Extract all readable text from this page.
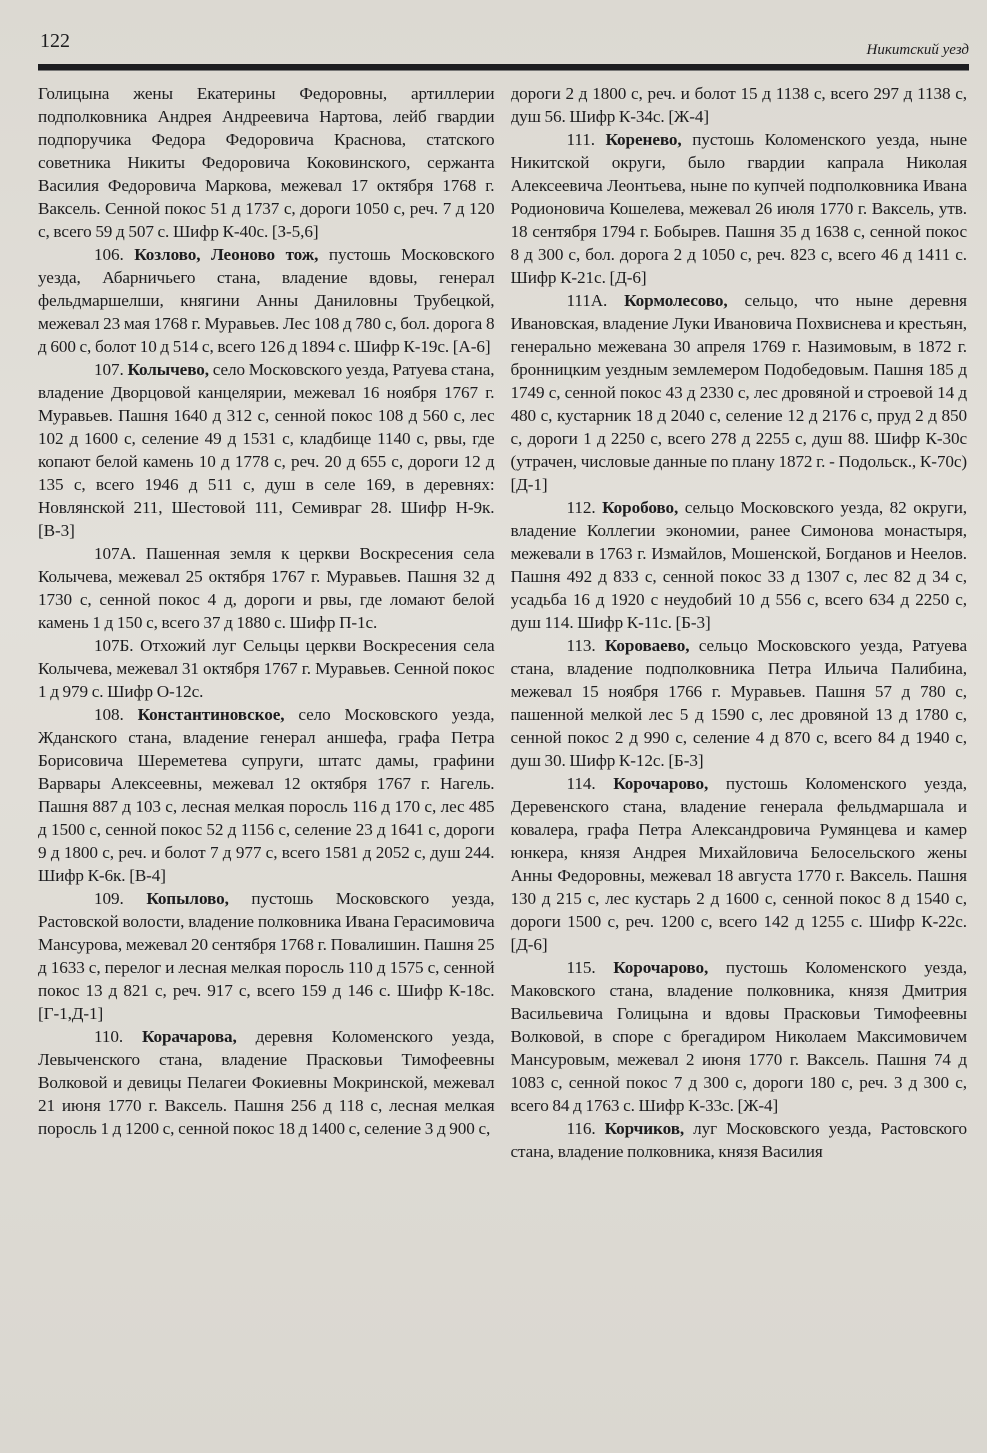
122	Никитский уезд

Голицына жены Екатерины Федоровны, артиллерии подполковника Андрея Андреевича Нартова, лейб гвардии подпоручика Федора Федоровича Краснова, статского советника Никиты Федоровича Коковинского, сержанта Василия Федоровича Маркова, межевал 17 октября 1768 г. Ваксель. Сенной покос 51 д 1737 с, дороги 1050 с, реч. 7 д 120 с, всего 59 д 507 с. Шифр К-40с. [З-5,6]

106. Козлово, Леоново тож, пустошь Московского уезда, Абарничьего стана, владение вдовы, генерал фельдмаршелши, княгини Анны Даниловны Трубецкой, межевал 23 мая 1768 г. Муравьев. Лес 108 д 780 с, бол. дорога 8 д 600 с, болот 10 д 514 с, всего 126 д 1894 с. Шифр К-19с. [А-6]

107. Колычево, село Московского уезда, Ратуева стана, владение Дворцовой канцелярии, межевал 16 ноября 1767 г. Муравьев. Пашня 1640 д 312 с, сенной покос 108 д 560 с, лес 102 д 1600 с, селение 49 д 1531 с, кладбище 1140 с, рвы, где копают белой камень 10 д 1778 с, реч. 20 д 655 с, дороги 12 д 135 с, всего 1946 д 511 с, душ в селе 169, в деревнях: Новлянской 211, Шестовой 111, Семивраг 28. Шифр Н-9к. [В-3]

107А. Пашенная земля к церкви Воскресения села Колычева, межевал 25 октября 1767 г. Муравьев. Пашня 32 д 1730 с, сенной покос 4 д, дороги и рвы, где ломают белой камень 1 д 150 с, всего 37 д 1880 с. Шифр П-1с.

107Б. Отхожий луг Сельцы церкви Воскресения села Колычева, межевал 31 октября 1767 г. Муравьев. Сенной покос 1 д 979 с. Шифр О-12с.

108. Константиновское, село Московского уезда, Жданского стана, владение генерал аншефа, графа Петра Борисовича Шереметева супруги, штатс дамы, графини Варвары Алексеевны, межевал 12 октября 1767 г. Нагель. Пашня 887 д 103 с, лесная мелкая поросль 116 д 170 с, лес 485 д 1500 с, сенной покос 52 д 1156 с, селение 23 д 1641 с, дороги 9 д 1800 с, реч. и болот 7 д 977 с, всего 1581 д 2052 с, душ 244. Шифр К-6к. [В-4]

109. Копылово, пустошь Московского уезда, Растовской волости, владение полковника Ивана Герасимовича Мансурова, межевал 20 сентября 1768 г. Повалишин. Пашня 25 д 1633 с, перелог и лесная мелкая поросль 110 д 1575 с, сенной покос 13 д 821 с, реч. 917 с, всего 159 д 146 с. Шифр К-18с.[Г-1,Д-1]

110. Корачарова, деревня Коломенского уезда, Левыченского стана, владение Прасковьи Тимофеевны Волковой и девицы Пелагеи Фокиевны Мокринской, межевал 21 июня 1770 г. Ваксель. Пашня 256 д 118 с, лесная мелкая поросль 1 д 1200 с, сенной покос 18 д 1400 с, селение 3 д 900 с,

дороги 2 д 1800 с, реч. и болот 15 д 1138 с, всего 297 д 1138 с, душ 56. Шифр К-34с. [Ж-4]

111. Коренево, пустошь Коломенского уезда, ныне Никитской округи, было гвардии капрала Николая Алексеевича Леонтьева, ныне по купчей подполковника Ивана Родионовича Кошелева, межевал 26 июля 1770 г. Ваксель, утв. 18 сентября 1794 г. Бобырев. Пашня 35 д 1638 с, сенной покос 8 д 300 с, бол. дорога 2 д 1050 с, реч. 823 с, всего 46 д 1411 с. Шифр К-21с. [Д-6]

111А. Кормолесово, сельцо, что ныне деревня Ивановская, владение Луки Ивановича Похвиснева и крестьян, генерально межевана 30 апреля 1769 г. Назимовым, в 1872 г. бронницким уездным землемером Подобедовым. Пашня 185 д 1749 с, сенной покос 43 д 2330 с, лес дровяной и строевой 14 д 480 с, кустарник 18 д 2040 с, селение 12 д 2176 с, пруд 2 д 850 с, дороги 1 д 2250 с, всего 278 д 2255 с, душ 88. Шифр К-30с (утрачен, числовые данные по плану 1872 г. - Подольск., К-70с) [Д-1]

112. Коробово, сельцо Московского уезда, 82 округи, владение Коллегии экономии, ранее Симонова монастыря, межевали в 1763 г. Измайлов, Мошенской, Богданов и Неелов. Пашня 492 д 833 с, сенной покос 33 д 1307 с, лес 82 д 34 с, усадьба 16 д 1920 с неудобий 10 д 556 с, всего 634 д 2250 с, душ 114. Шифр К-11с. [Б-3]

113. Короваево, сельцо Московского уезда, Ратуева стана, владение подполковника Петра Ильича Палибина, межевал 15 ноября 1766 г. Муравьев. Пашня 57 д 780 с, пашенной мелкой лес 5 д 1590 с, лес дровяной 13 д 1780 с, сенной покос 2 д 990 с, селение 4 д 870 с, всего 84 д 1940 с, душ 30. Шифр К-12с. [Б-3]

114. Корочарово, пустошь Коломенского уезда, Деревенского стана, владение генерала фельдмаршала и ковалера, графа Петра Александровича Румянцева и камер юнкера, князя Андрея Михайловича Белосельского жены Анны Федоровны, межевал 18 августа 1770 г. Ваксель. Пашня 130 д 215 с, лес кустарь 2 д 1600 с, сенной покос 8 д 1540 с, дороги 1500 с, реч. 1200 с, всего 142 д 1255 с. Шифр К-22с. [Д-6]

115. Корочарово, пустошь Коломенского уезда, Маковского стана, владение полковника, князя Дмитрия Васильевича Голицына и вдовы Прасковьи Тимофеевны Волковой, в споре с брегадиром Николаем Максимовичем Мансуровым, межевал 2 июня 1770 г. Ваксель. Пашня 74 д 1083 с, сенной покос 7 д 300 с, дороги 180 с, реч. 3 д 300 с, всего 84 д 1763 с. Шифр К-33с. [Ж-4]

116. Корчиков, луг Московского уезда, Растовского стана, владение полковника, князя Василия
